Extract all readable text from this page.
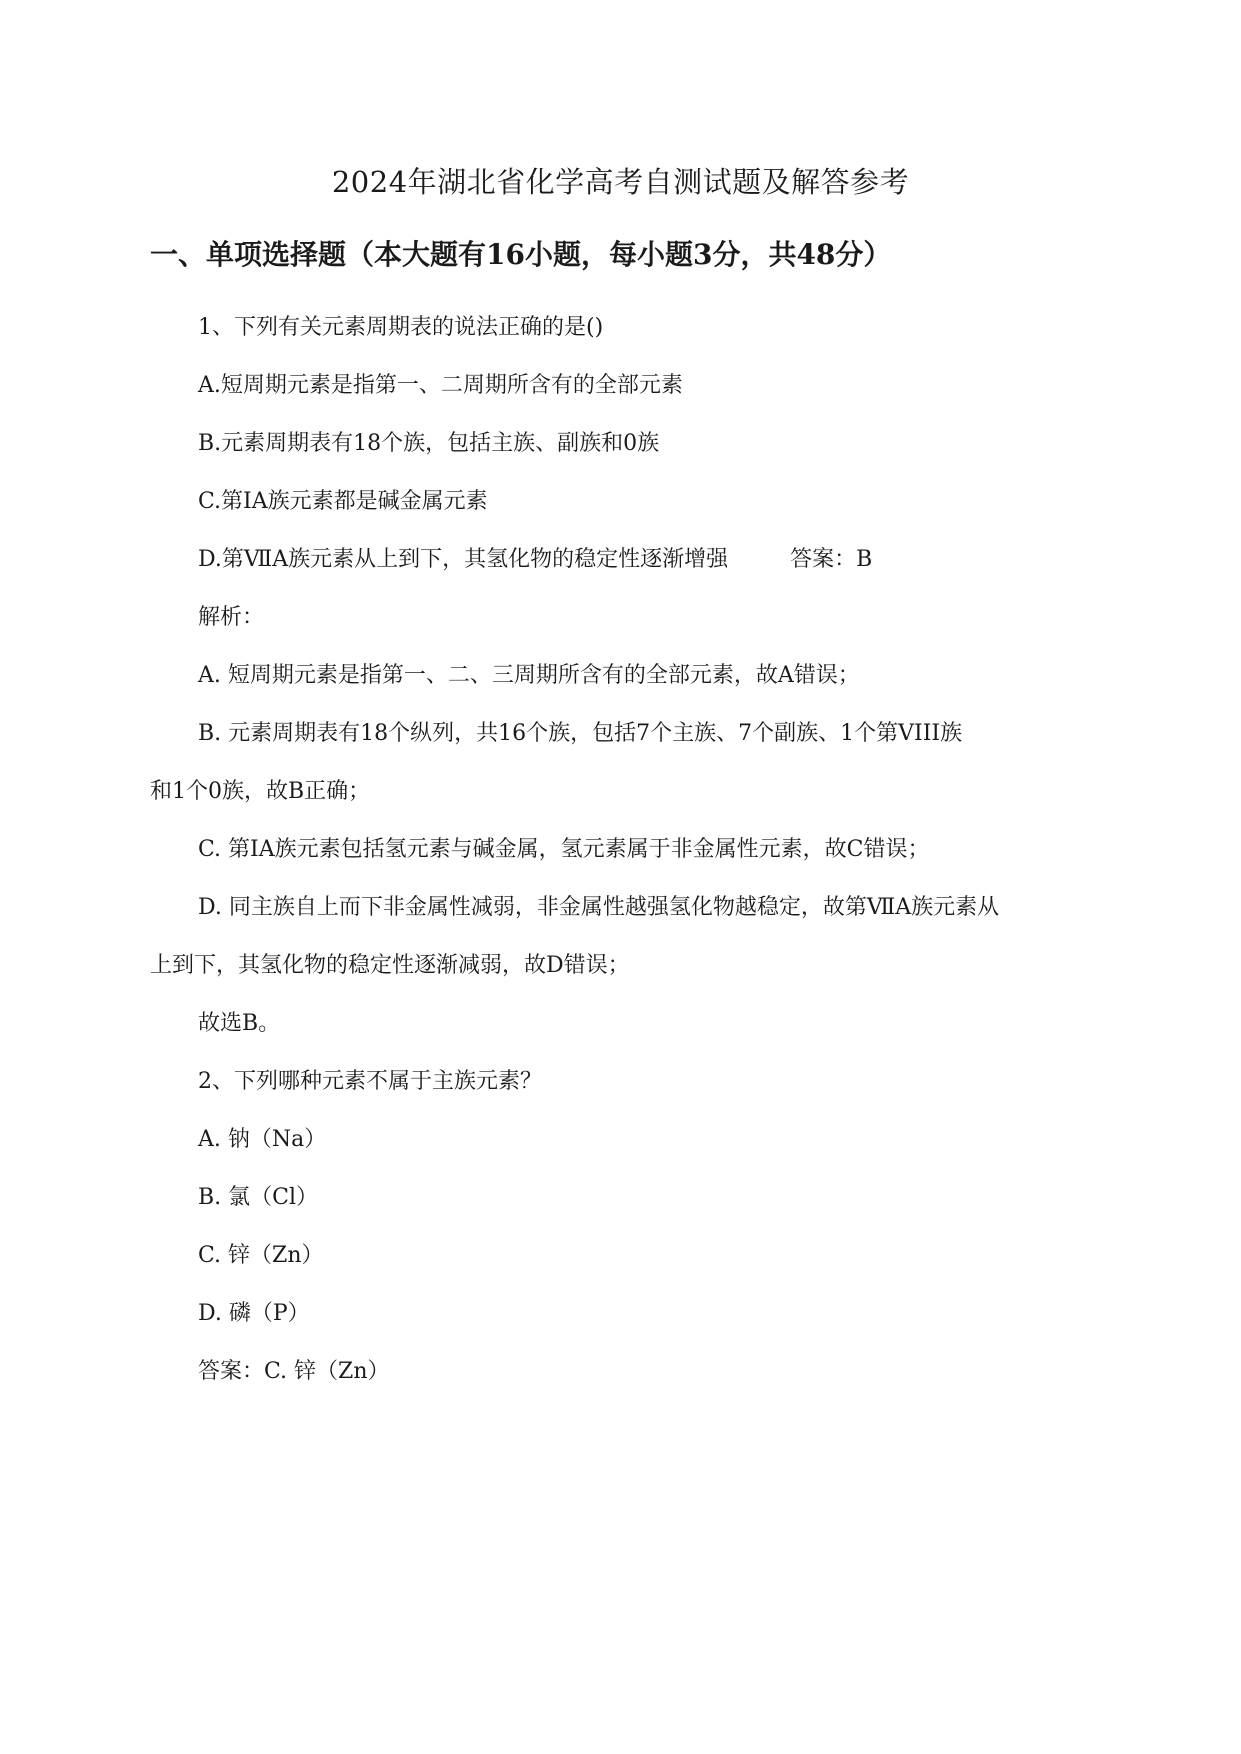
2024年湖北省化学高考自测试题及解答参考
一、单项选择题（本大题有16小题，每小题3分，共48分）
1、下列有关元素周期表的说法正确的是()
A.短周期元素是指第一、二周期所含有的全部元素
B.元素周期表有18个族，包括主族、副族和0族
C.第ⅠA族元素都是碱金属元素
D.第ⅦA族元素从上到下，其氢化物的稳定性逐渐增强	答案：B
解析：
A. 短周期元素是指第一、二、三周期所含有的全部元素，故A错误；
B. 元素周期表有18个纵列，共16个族，包括7个主族、7个副族、1个第VIII族
和1个0族，故B正确；
C. 第ⅠA族元素包括氢元素与碱金属，氢元素属于非金属性元素，故C错误；
D. 同主族自上而下非金属性减弱，非金属性越强氢化物越稳定，故第ⅦA族元素从
上到下，其氢化物的稳定性逐渐减弱，故D错误；
故选B。
2、下列哪种元素不属于主族元素？
A. 钠（Na）
B. 氯（Cl）
C. 锌（Zn）
D. 磷（P）
答案：C. 锌（Zn）
